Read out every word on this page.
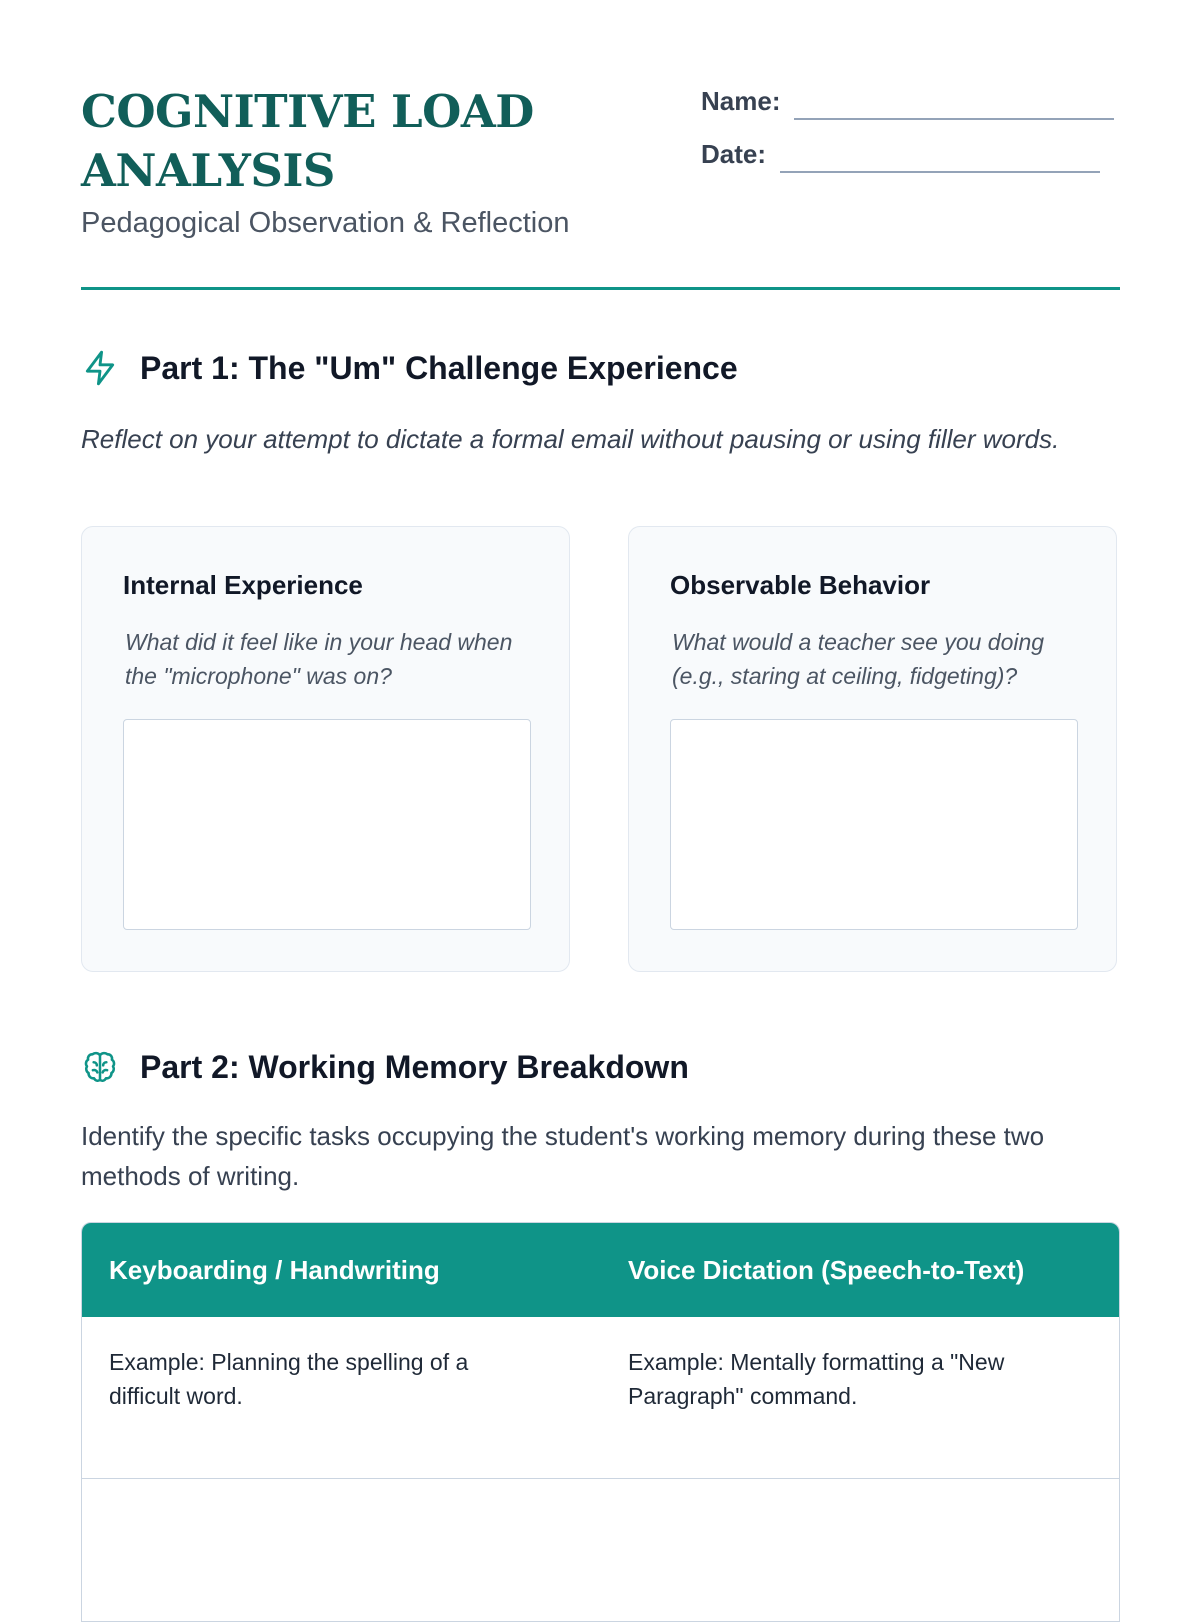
COGNITIVE LOAD ANALYSIS

Pedagogical Observation & Reflection

Name:
Date:
Part 1: The "Um" Challenge Experience

Reflect on your attempt to dictate a formal email without pausing or using filler words.

Internal Experience
What did it feel like in your head when the "microphone" was on?
Observable Behavior
What would a teacher see you doing (e.g., staring at ceiling, fidgeting)?
Part 2: Working Memory Breakdown

Identify the specific tasks occupying the student's working memory during these two methods of writing.

Keyboarding / Handwriting	Voice Dictation (Speech-to-Text)
Example: Planning the spelling of a difficult word.
Example: Mentally formatting a "New Paragraph" command.
